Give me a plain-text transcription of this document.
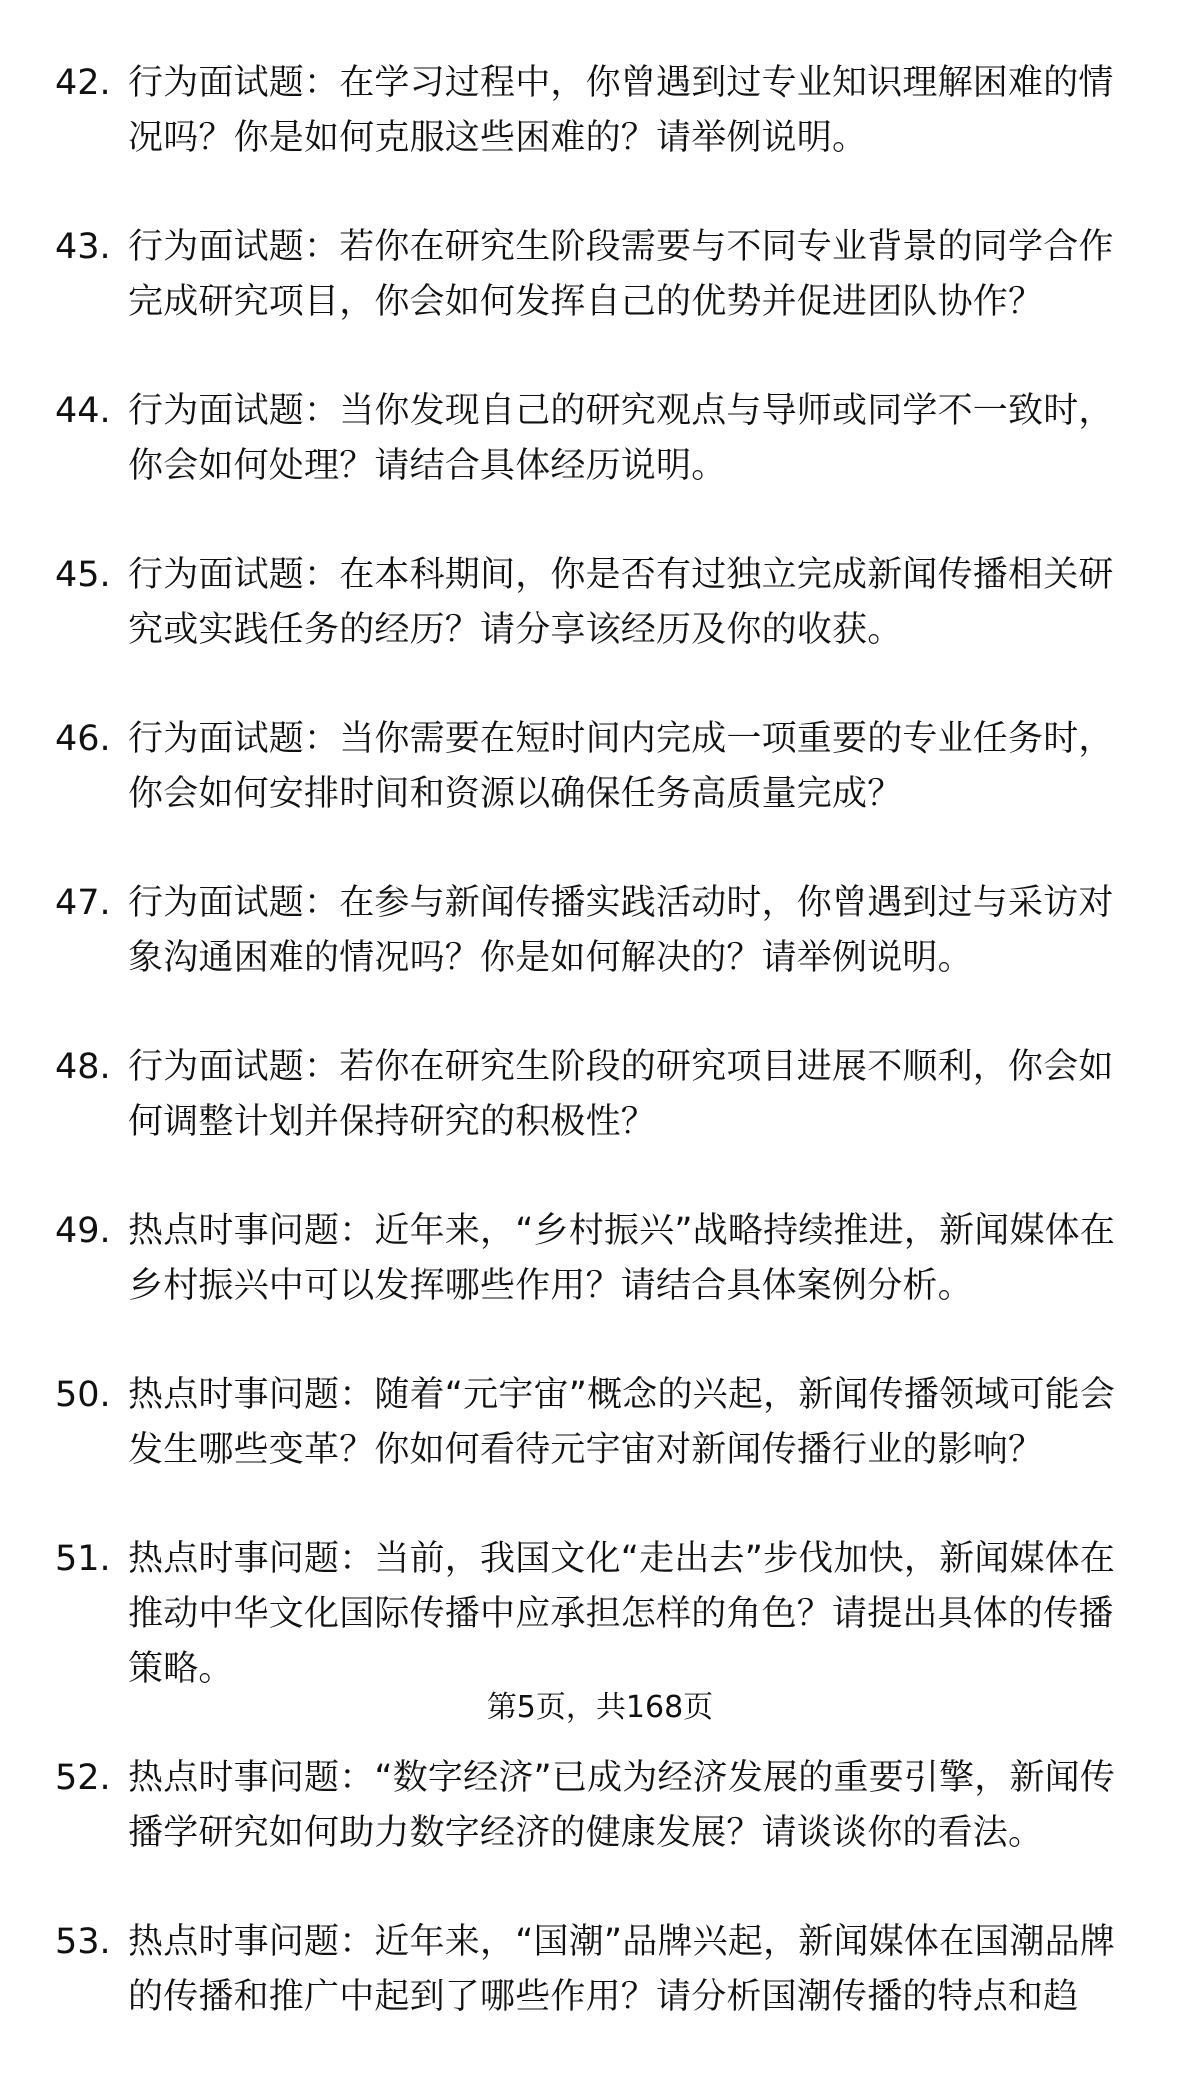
42. 行为面试题：在学习过程中，你曾遇到过专业知识理解困难的情况吗？你是如何克服这些困难的？请举例说明。
43. 行为面试题：若你在研究生阶段需要与不同专业背景的同学合作完成研究项目，你会如何发挥自己的优势并促进团队协作？
44. 行为面试题：当你发现自己的研究观点与导师或同学不一致时，你会如何处理？请结合具体经历说明。
45. 行为面试题：在本科期间，你是否有过独立完成新闻传播相关研究或实践任务的经历？请分享该经历及你的收获。
46. 行为面试题：当你需要在短时间内完成一项重要的专业任务时，你会如何安排时间和资源以确保任务高质量完成？
47. 行为面试题：在参与新闻传播实践活动时，你曾遇到过与采访对象沟通困难的情况吗？你是如何解决的？请举例说明。
48. 行为面试题：若你在研究生阶段的研究项目进展不顺利，你会如何调整计划并保持研究的积极性？
49. 热点时事问题：近年来，“乡村振兴”战略持续推进，新闻媒体在乡村振兴中可以发挥哪些作用？请结合具体案例分析。
50. 热点时事问题：随着“元宇宙”概念的兴起，新闻传播领域可能会发生哪些变革？你如何看待元宇宙对新闻传播行业的影响？
51. 热点时事问题：当前，我国文化“走出去”步伐加快，新闻媒体在推动中华文化国际传播中应承担怎样的角色？请提出具体的传播策略。
52. 热点时事问题：“数字经济”已成为经济发展的重要引擎，新闻传播学研究如何助力数字经济的健康发展？请谈谈你的看法。
53. 热点时事问题：近年来，“国潮”品牌兴起，新闻媒体在国潮品牌的传播和推广中起到了哪些作用？请分析国潮传播的特点和趋
第5页，共168页
